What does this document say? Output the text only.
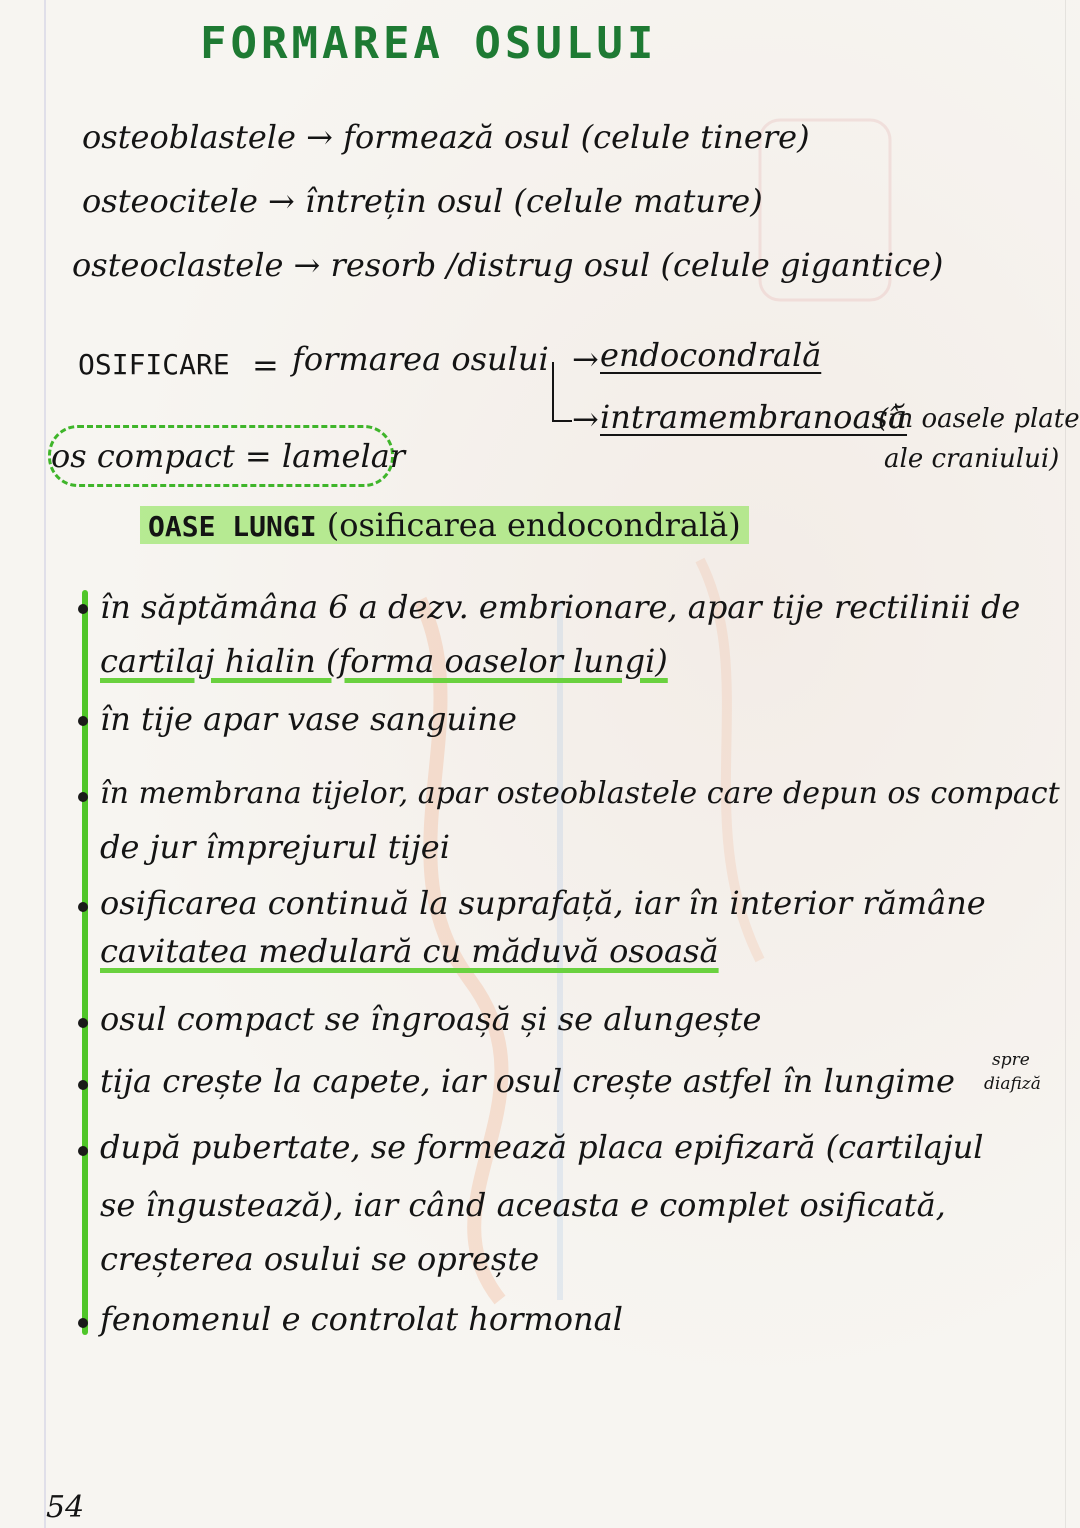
FORMAREA OSULUI
osteoblastele → formează osul (celule tinere)
osteocitele → întrețin osul (celule mature)
osteoclastele → resorb /distrug osul (celule gigantice)
OSIFICARE = formarea osului → endocondrală
→ intramembranoasă
(în oasele plate
ale craniului)
os compact = lamelar
OASE LUNGI (osificarea endocondrală)
în săptămâna 6 a dezv. embrionare, apar tije rectilinii de
cartilaj hialin (forma oaselor lungi)
în tije apar vase sanguine
în membrana tijelor, apar osteoblastele care depun os compact
de jur împrejurul tijei
osificarea continuă la suprafață, iar în interior rămâne
cavitatea medulară cu măduvă osoasă
osul compact se îngroașă și se alungește
tija crește la capete, iar osul crește astfel în lungime
spre
diafiză
după pubertate, se formează placa epifizară (cartilajul
se îngustează), iar când aceasta e complet osificată,
creșterea osului se oprește
fenomenul e controlat hormonal
54
